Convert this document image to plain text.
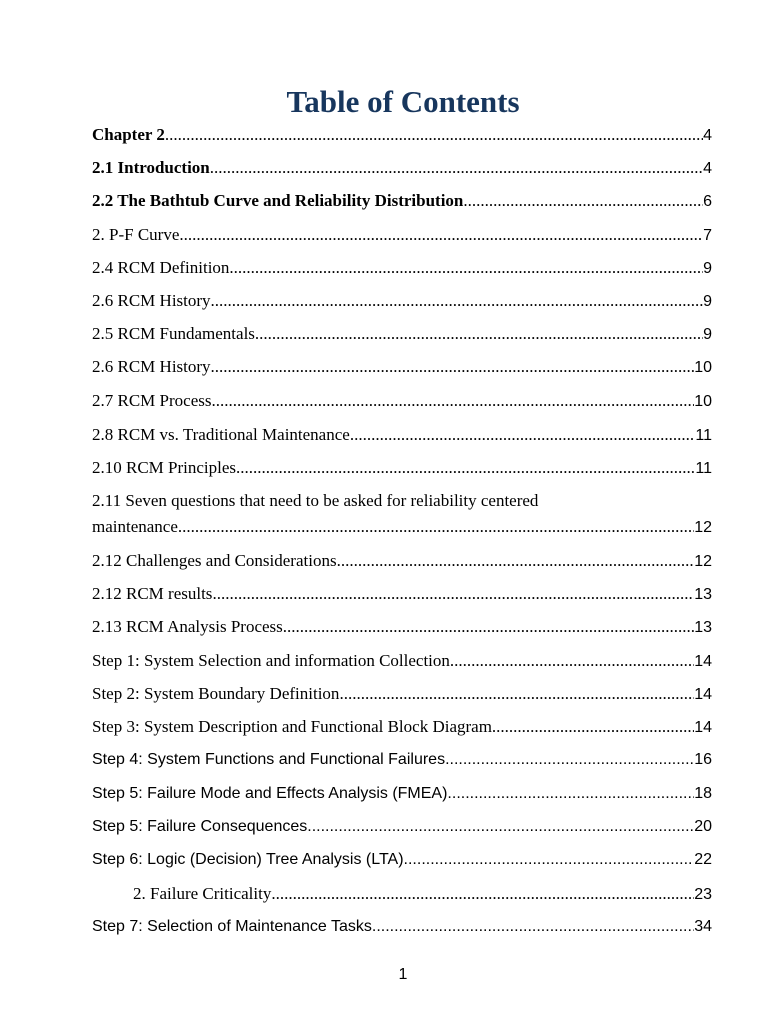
Table of Contents
Chapter 2 .....	4
2.1 Introduction .....	4
2.2 The Bathtub Curve and Reliability Distribution .....	6
2. P-F Curve .....	7
2.4 RCM Definition .....	9
2.6 RCM History .....	9
2.5 RCM Fundamentals .....	9
2.6 RCM History .....	10
2.7 RCM Process .....	10
2.8 RCM vs. Traditional Maintenance .....	11
2.10 RCM Principles .....	11
2.11 Seven questions that need to be asked for reliability centered
maintenance .....	12
2.12 Challenges and Considerations .....	12
2.12 RCM results .....	13
2.13 RCM Analysis Process .....	13
Step 1: System Selection and information Collection .....	14
Step 2: System Boundary Definition .....	14
Step 3: System Description and Functional Block Diagram .....	14
Step 4: System Functions and Functional Failures .....	16
Step 5: Failure Mode and Effects Analysis (FMEA) .....	18
Step 5: Failure Consequences .....	20
Step 6: Logic (Decision) Tree Analysis (LTA) .....	22
2. Failure Criticality .....	23
Step 7: Selection of Maintenance Tasks .....	34
1
